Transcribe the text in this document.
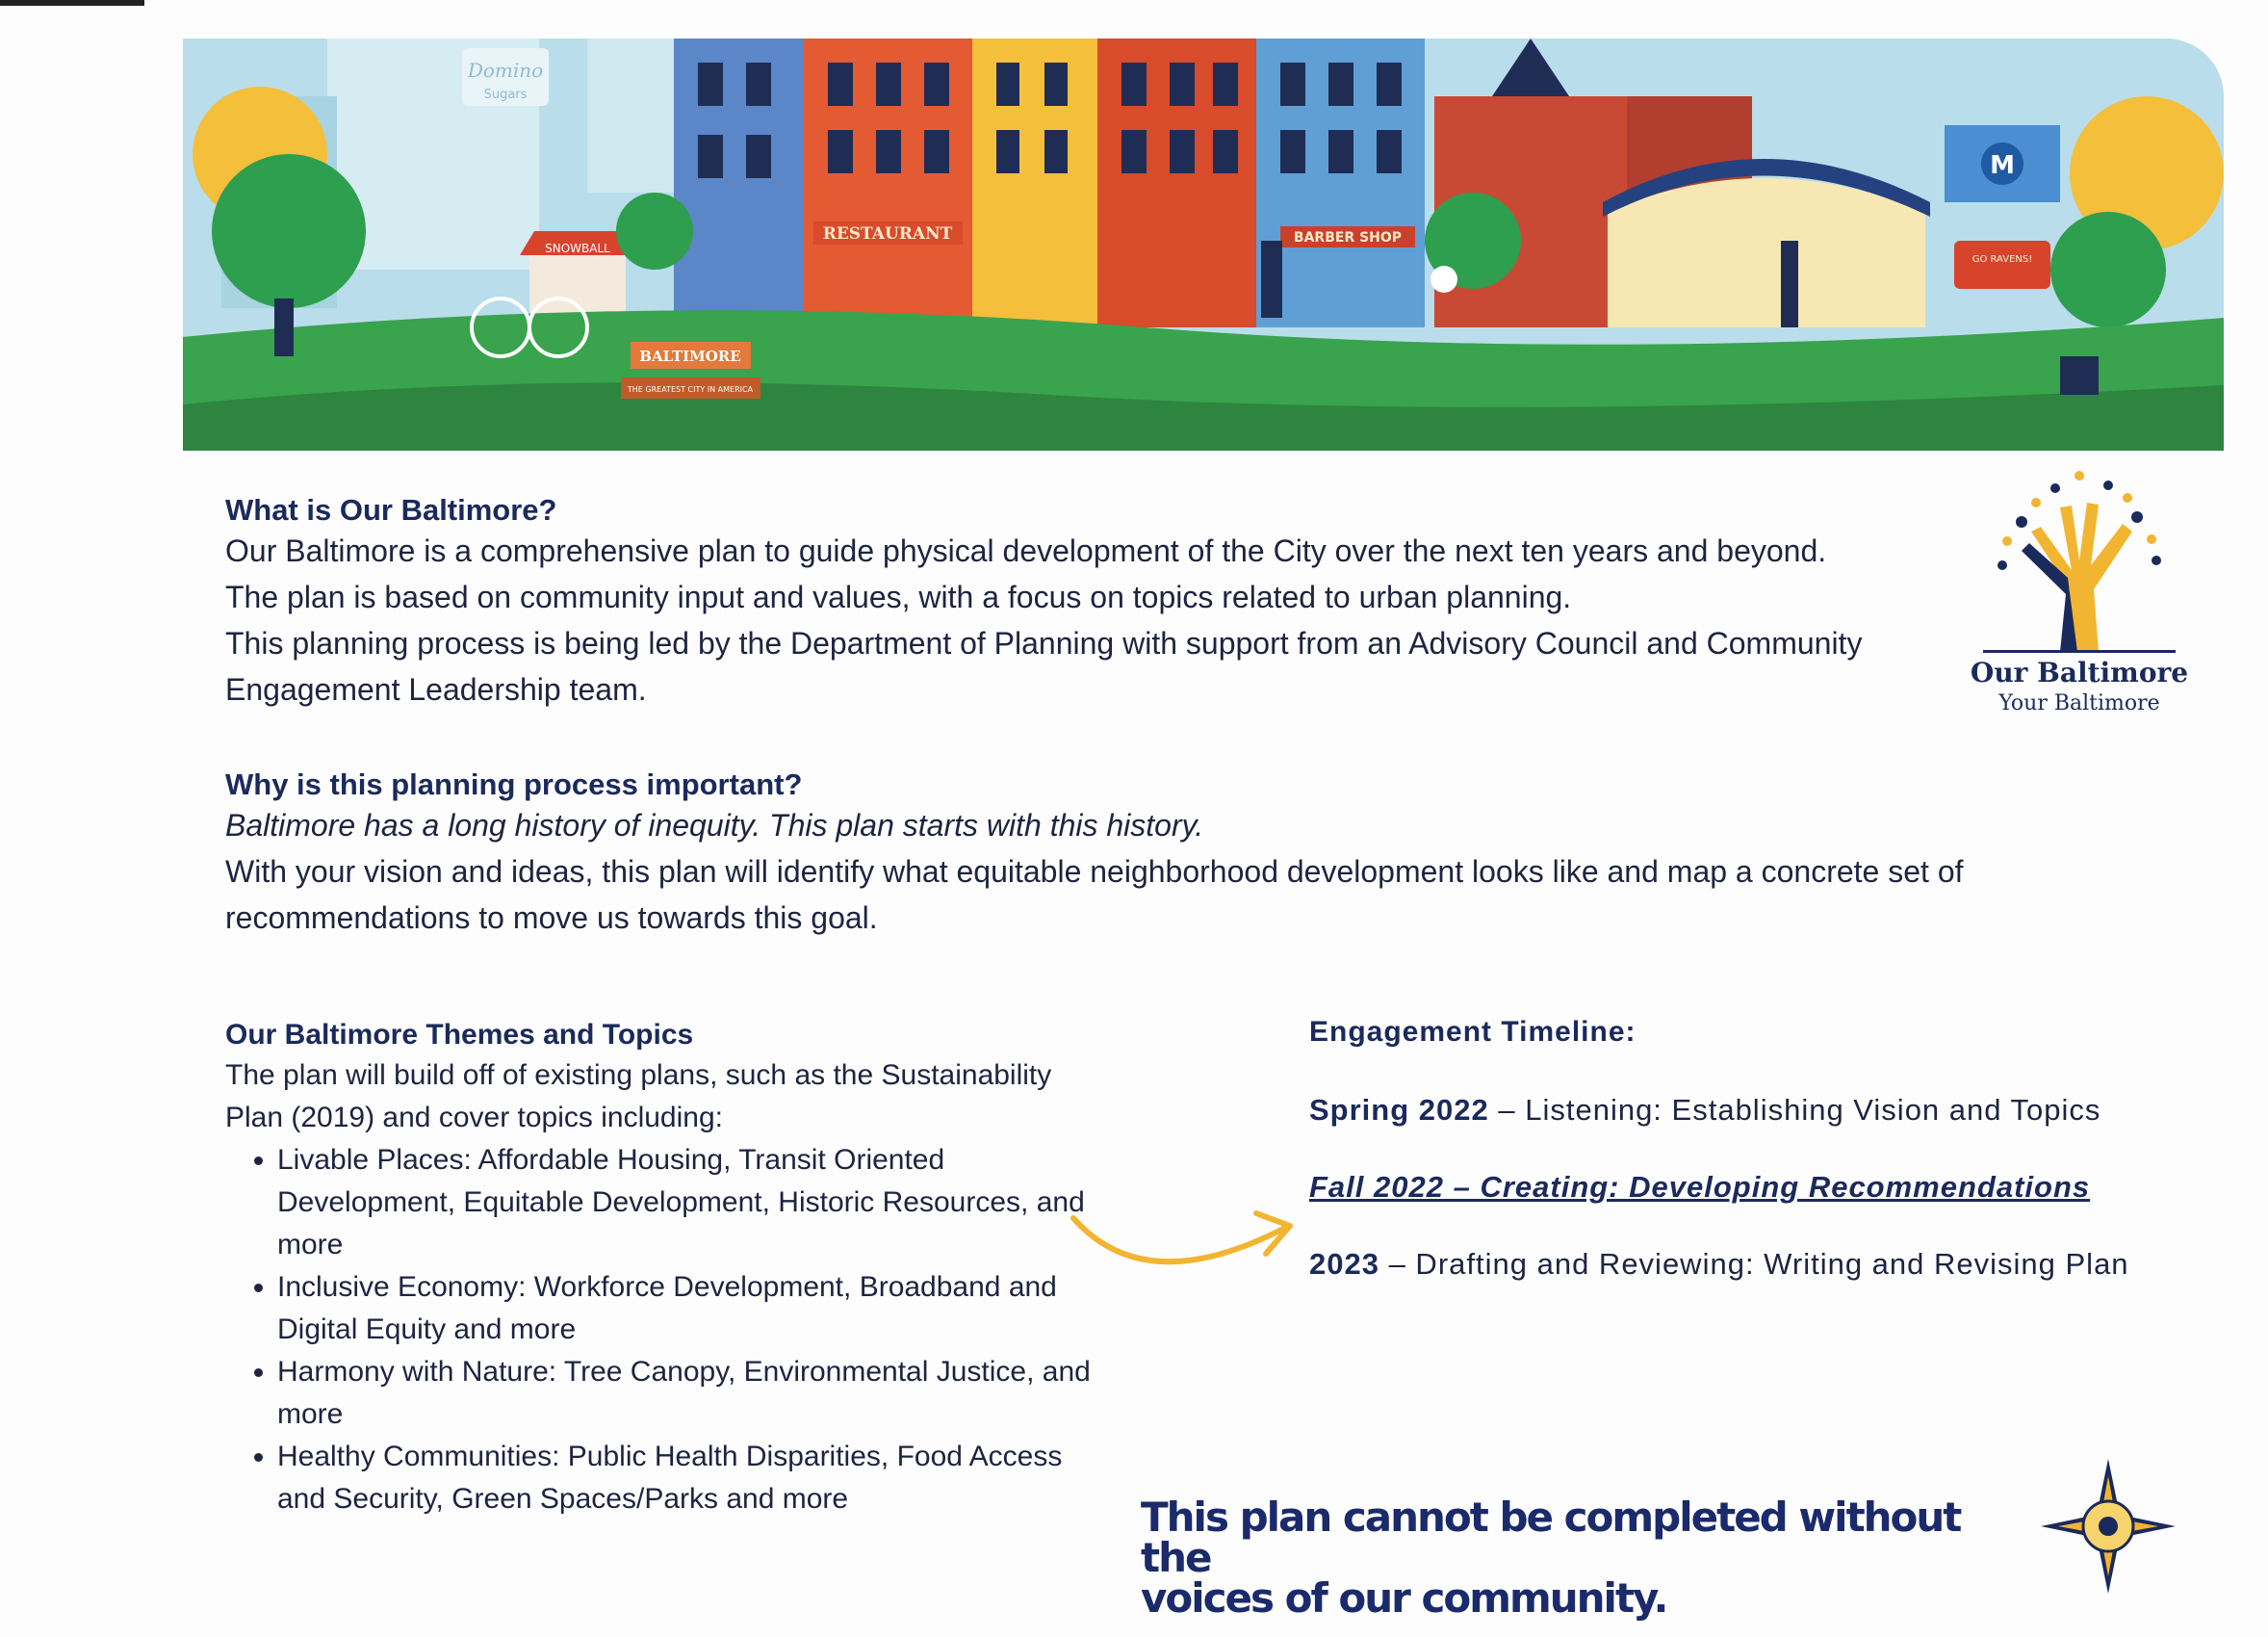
Domino
Sugars
RESTAURANT	BARBER SHOP
M
GO RAVENS!
SNOWBALL
BALTIMORE
THE GREATEST CITY IN AMERICA

What is Our Baltimore?

Our Baltimore is a comprehensive plan to guide physical development of the City over the next ten years and beyond.

The plan is based on community input and values, with a focus on topics related to urban planning.

This planning process is being led by the Department of Planning with support from an Advisory Council and Community Engagement Leadership team.	Our Baltimore
Your Baltimore

Why is this planning process important?

Baltimore has a long history of inequity. This plan starts with this history.

With your vision and ideas, this plan will identify what equitable neighborhood development looks like and map a concrete set of recommendations to move us towards this goal.

Our Baltimore Themes and Topics

The plan will build off of existing plans, such as the Sustainability Plan (2019) and cover topics including:

• Livable Places: Affordable Housing, Transit Oriented Development, Equitable Development, Historic Resources, and more
• Inclusive Economy: Workforce Development, Broadband and Digital Equity and more
• Harmony with Nature: Tree Canopy, Environmental Justice, and more
• Healthy Communities: Public Health Disparities, Food Access and Security, Green Spaces/Parks and more

Engagement Timeline:

Spring 2022 – Listening: Establishing Vision and Topics
Fall 2022 – Creating: Developing Recommendations
2023 – Drafting and Reviewing: Writing and Revising Plan
This plan cannot be completed without the
voices of our community.
